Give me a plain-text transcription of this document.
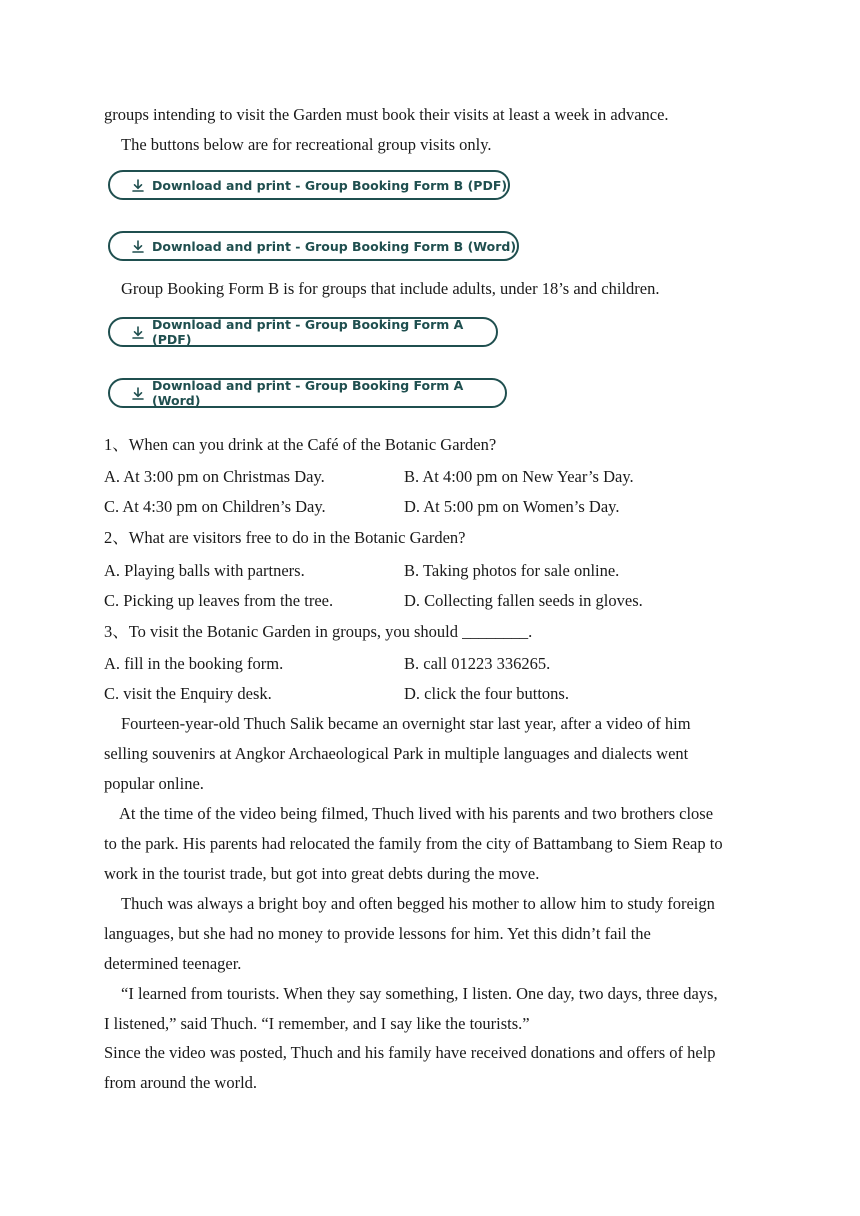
groups intending to visit the Garden must book their visits at least a week in advance.
The buttons below are for recreational group visits only.
Download and print - Group Booking Form B (PDF)
Download and print - Group Booking Form B (Word)
Group Booking Form B is for groups that include adults, under 18’s and children.
Download and print - Group Booking Form A (PDF)
Download and print - Group Booking Form A (Word)
1、When can you drink at the Café of the Botanic Garden?
A. At 3:00 pm on Christmas Day.	B. At 4:00 pm on New Year’s Day.
C. At 4:30 pm on Children’s Day.	D. At 5:00 pm on Women’s Day.
2、What are visitors free to do in the Botanic Garden?
A. Playing balls with partners.	B. Taking photos for sale online.
C. Picking up leaves from the tree.	D. Collecting fallen seeds in gloves.
3、To visit the Botanic Garden in groups, you should ________.
A. fill in the booking form.	B. call 01223 336265.
C. visit the Enquiry desk.	D. click the four buttons.
Fourteen-year-old Thuch Salik became an overnight star last year, after a video of him
selling souvenirs at Angkor Archaeological Park in multiple languages and dialects went
popular online.
At the time of the video being filmed, Thuch lived with his parents and two brothers close
to the park. His parents had relocated the family from the city of Battambang to Siem Reap to
work in the tourist trade, but got into great debts during the move.
Thuch was always a bright boy and often begged his mother to allow him to study foreign
languages, but she had no money to provide lessons for him. Yet this didn’t fail the
determined teenager.
“I learned from tourists. When they say something, I listen. One day, two days, three days,
I listened,” said Thuch. “I remember, and I say like the tourists.”
Since the video was posted, Thuch and his family have received donations and offers of help
from around the world.
